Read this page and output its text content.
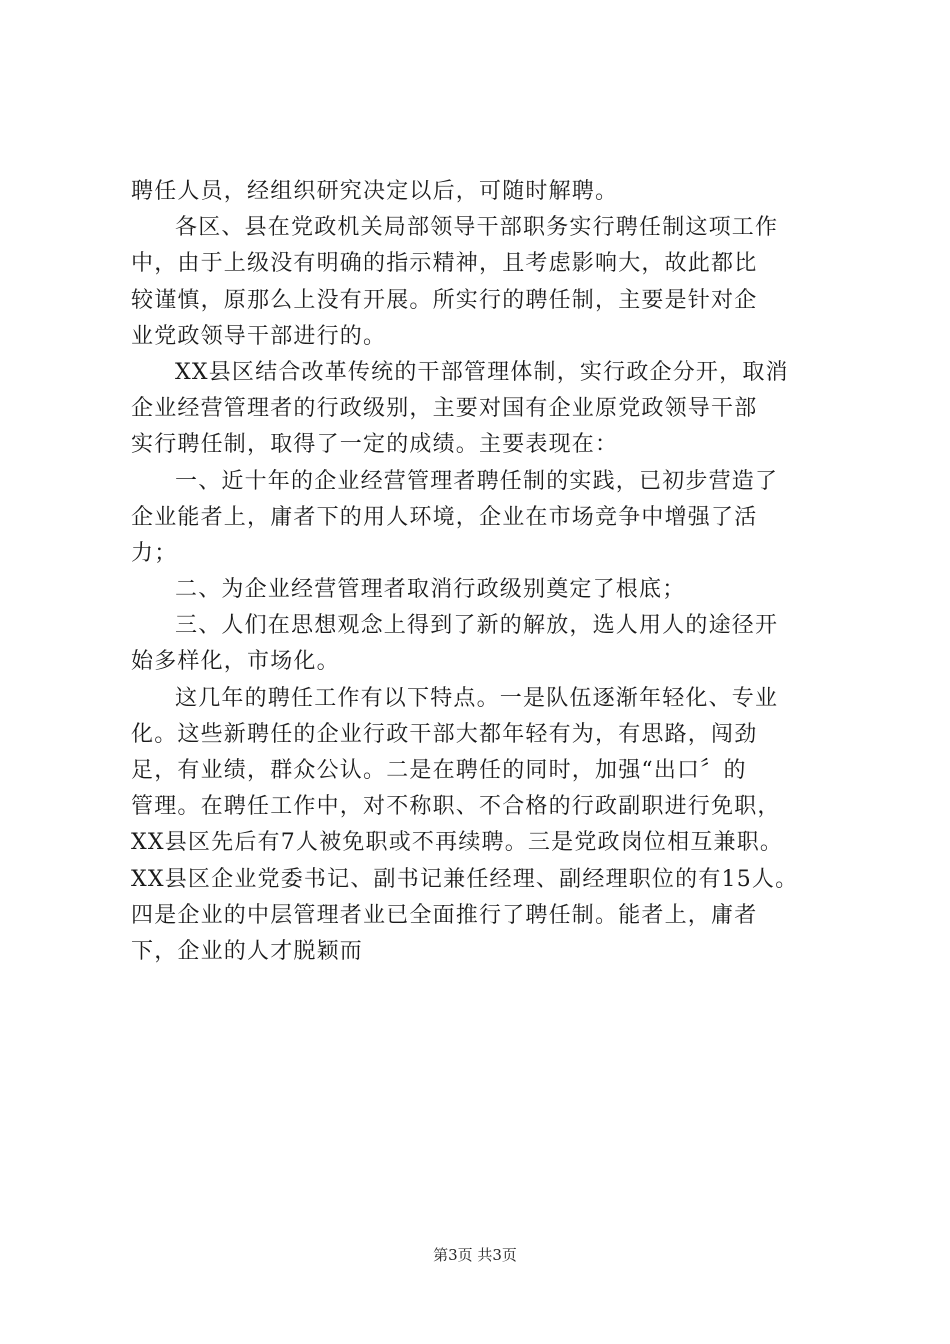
聘任人员，经组织研究决定以后，可随时解聘。
各区、县在党政机关局部领导干部职务实行聘任制这项工作
中，由于上级没有明确的指示精神，且考虑影响大，故此都比
较谨慎，原那么上没有开展。所实行的聘任制，主要是针对企
业党政领导干部进行的。
XX县区结合改革传统的干部管理体制，实行政企分开，取消
企业经营管理者的行政级别，主要对国有企业原党政领导干部
实行聘任制，取得了一定的成绩。主要表现在：
一、近十年的企业经营管理者聘任制的实践，已初步营造了
企业能者上，庸者下的用人环境，企业在市场竞争中增强了活
力；
二、为企业经营管理者取消行政级别奠定了根底；
三、人们在思想观念上得到了新的解放，选人用人的途径开
始多样化，市场化。
这几年的聘任工作有以下特点。一是队伍逐渐年轻化、专业
化。这些新聘任的企业行政干部大都年轻有为，有思路，闯劲
足，有业绩，群众公认。二是在聘任的同时，加强“出口〞的
管理。在聘任工作中，对不称职、不合格的行政副职进行免职，
XX县区先后有7人被免职或不再续聘。三是党政岗位相互兼职。
XX县区企业党委书记、副书记兼任经理、副经理职位的有15人。
四是企业的中层管理者业已全面推行了聘任制。能者上，庸者
下，企业的人才脱颖而
第3页 共3页
